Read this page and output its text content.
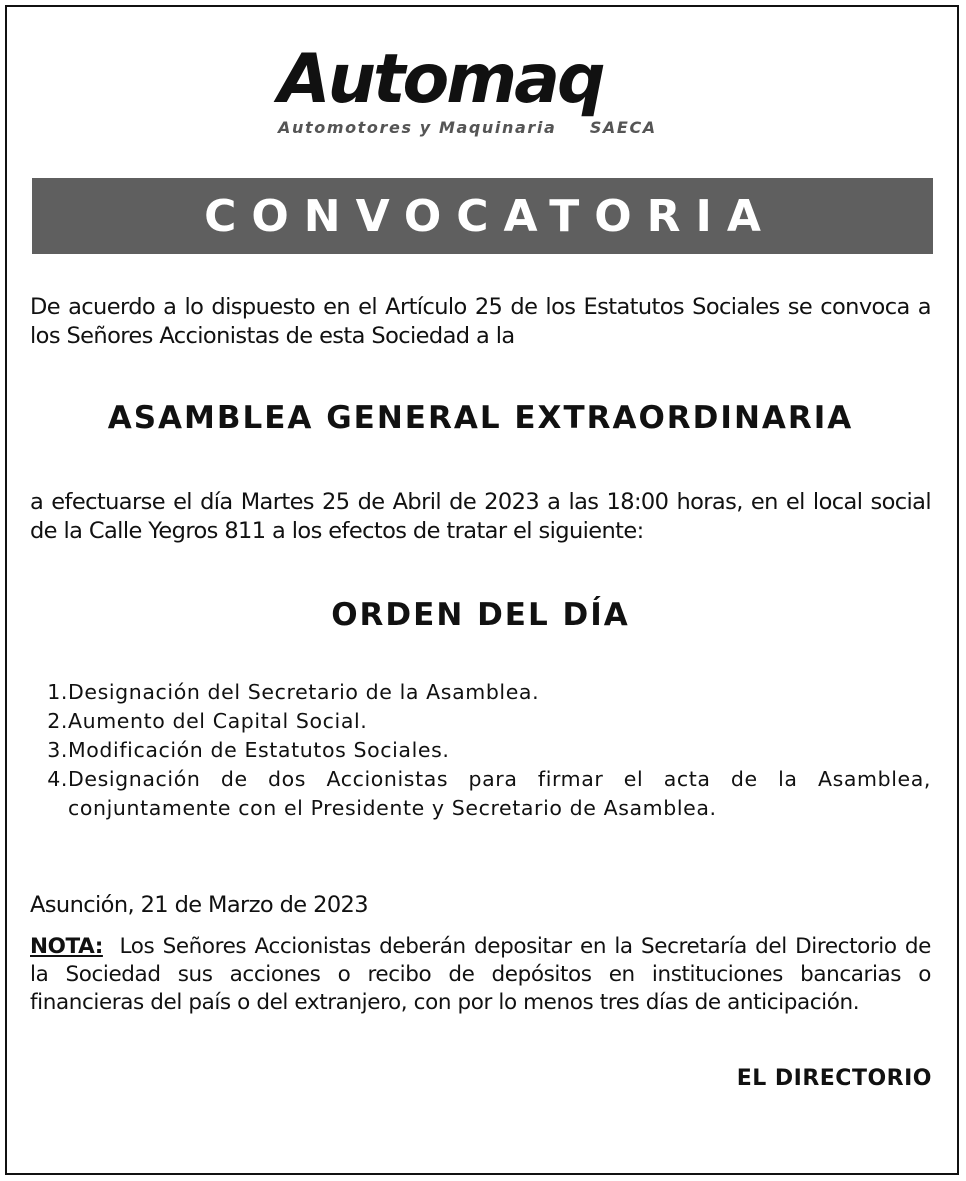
Automaq
Automotores y Maquinaria SAECA
CONVOCATORIA
De acuerdo a lo dispuesto en el Artículo 25 de los Estatutos Sociales se convoca a los Señores Accionistas de esta Sociedad a la
ASAMBLEA GENERAL EXTRAORDINARIA
a efectuarse el día Martes 25 de Abril de 2023 a las 18:00 horas, en el local social de la Calle Yegros 811 a los efectos de tratar el siguiente:
ORDEN DEL DÍA
1. Designación del Secretario de la Asamblea.
2. Aumento del Capital Social.
3. Modificación de Estatutos Sociales.
4. Designación de dos Accionistas para firmar el acta de la Asamblea, conjuntamente con el Presidente y Secretario de Asamblea.
Asunción, 21 de Marzo de 2023
NOTA: Los Señores Accionistas deberán depositar en la Secretaría del Directorio de la Sociedad sus acciones o recibo de depósitos en instituciones bancarias o financieras del país o del extranjero, con por lo menos tres días de anticipación.
EL DIRECTORIO
